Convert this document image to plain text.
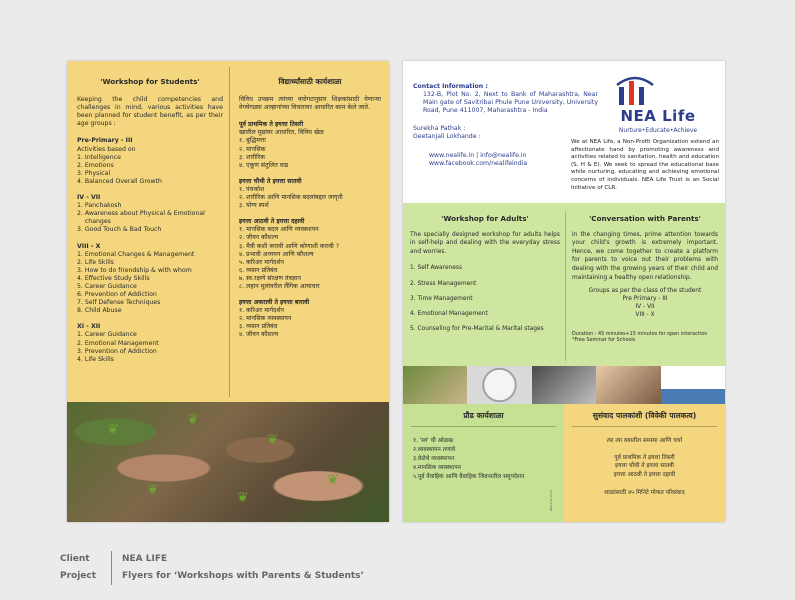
'Workshop for Students'
Keeping the child competencies and challenges in mind, various activities have been planned for student benefit, as per their age groups :
Pre-Primary - III
Activities based on
1. Intelligence
2. Emotions
3. Physical
4. Balanced Overall Growth
IV - VII
1. Panchakosh
2. Awareness about Physical & Emotional
changes
3. Good Touch & Bad Touch
VIII - X
1. Emotional Changes & Management
2. Life Skills
3. How to do friendship & with whom
4. Effective Study Skills
5. Career Guidance
6. Prevention of Addiction
7. Self Defense Techniques
8. Child Abuse
XI - XII
1. Career Guidance
2. Emotional Management
3. Prevention of Addiction
4. Life Skills
विद्यार्थ्यांसाठी कार्यशाळा
विविध उपक्रम त्यांच्या वयोगटानुसार शिक्षकांसाठी येणाऱ्या वेगवेगळ्या आव्हानांच्या विचारावर आधारित काम केले जाते.
पूर्व प्राथमिक ते इयत्ता तिसरी
खालील मुद्यांवर आधारित, विविध खेळ
१. बुद्धिमत्ता
२. मानसिक
३. शारीरिक
४. एकूण संतुलित वाढ
इयत्ता चौथी ते इयत्ता सातवी
१. पंचकोश
२. शारीरिक आणि मानसिक बदलांबद्दल जागृती
३. योग्य स्पर्श
इयत्ता आठवी ते इयत्ता दहावी
१. मानसिक बदल आणि व्यवस्थापन
२. जीवन कौशल्य
३. मैत्री कशी करावी आणि कोणाशी करावी ?
४. प्रभावी अध्ययन आणि कौशल्य
५. करिअर मार्गदर्शन
६. व्यसन प्रतिबंध
७. स्व.रक्षणे संरक्षण तंत्रज्ञान
८. लहान मुलांवरील लैंगिक अत्याचार
इयत्ता अकरावी ते इयत्ता बारावी
१. करिअर मार्गदर्शन
२. मानसिक व्यवस्थापन
३. व्यसन प्रतिबंध
४. जीवन कौशल्य
❦
❦
❦
❦
❦	❦
Contact Information :
132-B, Plot No. 2, Next to Bank of Maharashtra, Near Main gate of Savitribai Phule Pune University, University Road, Pune 411007, Maharashtra - India
Surekha Pathak :
Geetanjali Lokhande :
www.nealife.in | info@nealife.in
www.facebook.com/nealifeindia
NEA Life
Nurture•Educate•Achieve
We at NEA Life, a Non-Profit Organization extend an affectionate hand by promoting awareness and activities related to sanitation, health and education (S, H & E). We seek to spread the educational base while nurturing, educating and achieving emotional concerns of individuals. NEA Life Trust is an Social Initiative of CLR.
'Workshop for Adults'
The specially designed workshop for adults helps in self-help and dealing with the everyday stress and worries.
1. Self Awareness
2. Stress Management
3. Time Management
4. Emotional Management
5. Counseling for Pre-Marital & Marital stages
'Conversation with Parents'
In the changing times, prime attention towards your child's growth is extremely important. Hence, we come together to create a platform for parents to voice out their problems with dealing with the growing years of their child and maintaining a healthy open relationship.
Groups as per the class of the student
Pre Primary - III
IV - VII
VIII - X
Duration : 45 minutes+15 minutes for open interaction
*Free Seminar for Schools
प्रौढ कार्यशाळा
१. 'स्व' ची ओळख
२.व्यवस्थापन तणावे
३.वेळेचे व्यवस्थापन
४.मानसिक व्यवस्थापन
५.पूर्व वैवाहिक आणि वैवाहिक जिवनातील समुपदेशन
NEA Life Trust
सुसंवाद पालकांशी (विवेकी पालकत्व)
त्या त्या वयातील समस्या आणि चर्चा
पूर्व प्राथमिक ते इयत्ता तिसरी
इयत्ता चौथी ते इयत्ता सातवी
इयत्ता आठवी ते इयत्ता दहावी
शाळांसाठी ४५ मिनिटे मोफत परिसंवाद
Client
Project
NEA LIFE
Flyers for ‘Workshops with Parents & Students’
